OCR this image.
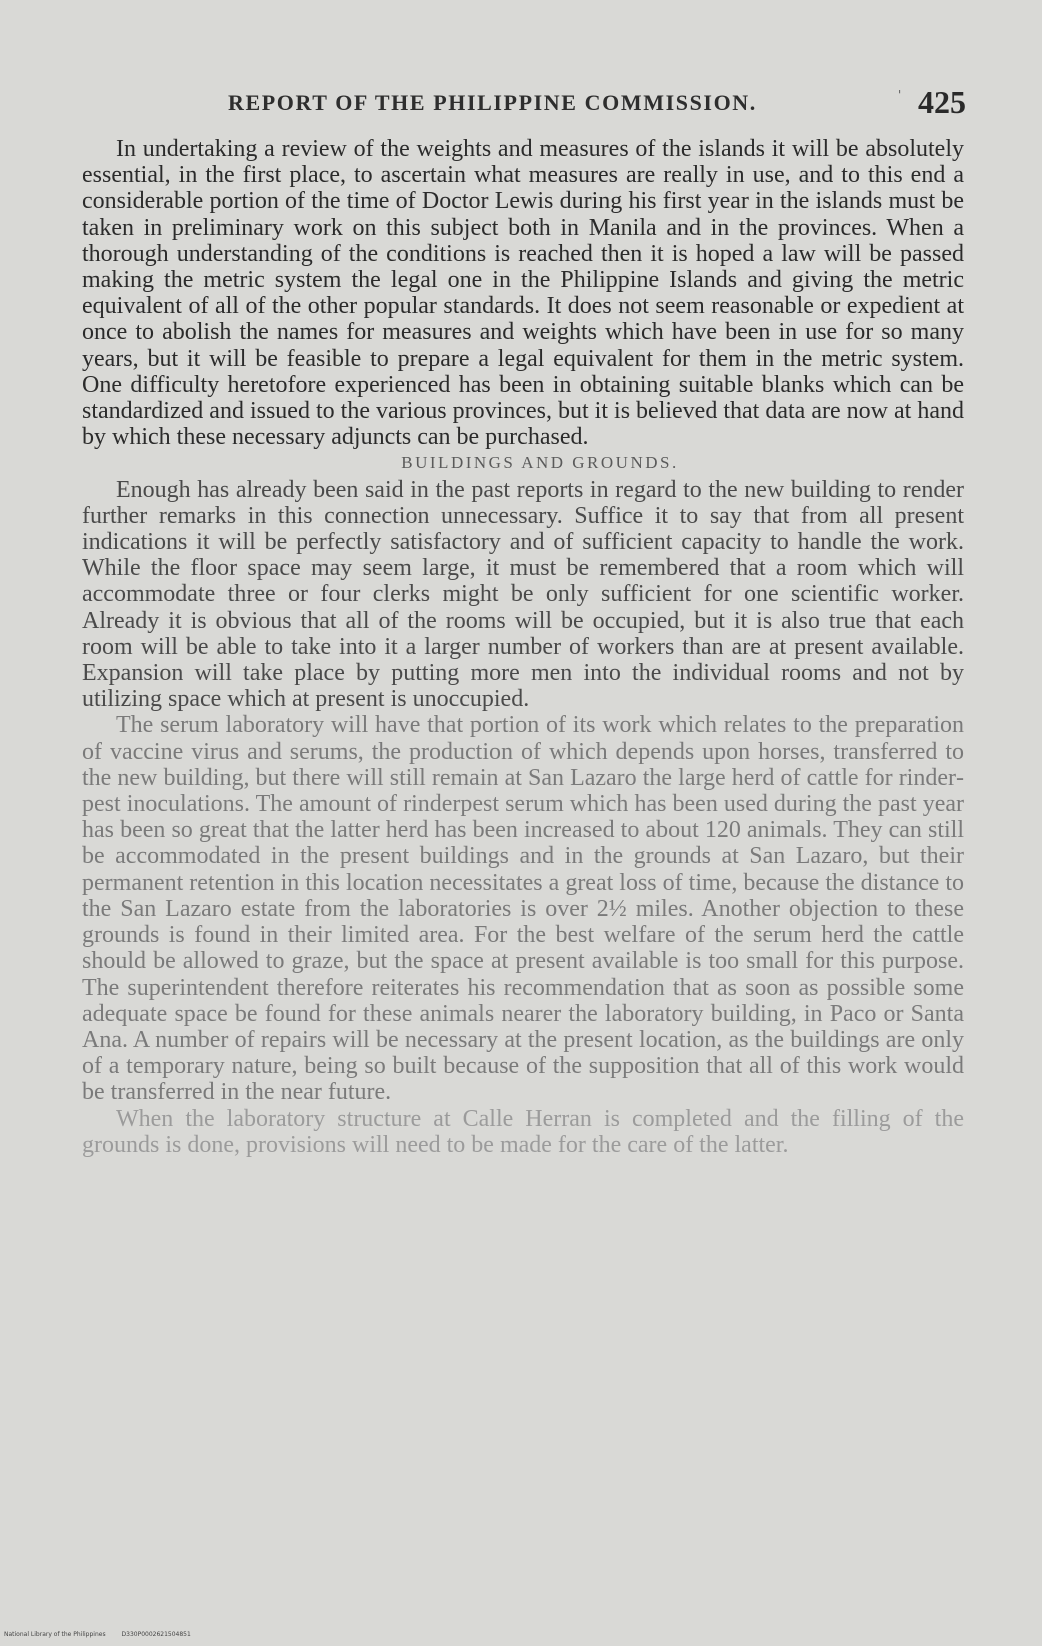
REPORT OF THE PHILIPPINE COMMISSION.	' 425

In undertaking a review of the weights and measures of the islands it will be absolutely essential, in the first place, to ascertain what measures are really in use, and to this end a considerable portion of the time of Doctor Lewis during his first year in the islands must be taken in preliminary work on this subject both in Manila and in the provinces. When a thorough understanding of the conditions is reached then it is hoped a law will be passed making the metric system the legal one in the Philippine Islands and giving the metric equivalent of all of the other popular standards. It does not seem reasonable or expedient at once to abolish the names for measures and weights which have been in use for so many years, but it will be feasible to prepare a legal equivalent for them in the metric system. One difficulty heretofore experienced has been in obtaining suitable blanks which can be standardized and issued to the various provinces, but it is believed that data are now at hand by which these necessary adjuncts can be purchased.

BUILDINGS AND GROUNDS.

Enough has already been said in the past reports in regard to the new building to render further remarks in this connection unnecessary. Suffice it to say that from all present indications it will be perfectly satisfactory and of sufficient capacity to handle the work. While the floor space may seem large, it must be remembered that a room which will accommodate three or four clerks might be only sufficient for one scientific worker. Already it is obvious that all of the rooms will be occupied, but it is also true that each room will be able to take into it a larger number of workers than are at present available. Expansion will take place by putting more men into the individual rooms and not by utilizing space which at present is unoccupied.

The serum laboratory will have that portion of its work which relates to the preparation of vaccine virus and serums, the production of which depends upon horses, transferred to the new building, but there will still remain at San Lazaro the large herd of cattle for rinderpest inoculations. The amount of rinderpest serum which has been used during the past year has been so great that the latter herd has been increased to about 120 animals. They can still be accommodated in the present buildings and in the grounds at San Lazaro, but their permanent retention in this location necessitates a great loss of time, because the distance to the San Lazaro estate from the laboratories is over 2½ miles. Another objection to these grounds is found in their limited area. For the best welfare of the serum herd the cattle should be allowed to graze, but the space at present available is too small for this purpose. The superintendent therefore reiterates his recommendation that as soon as possible some adequate space be found for these animals nearer the laboratory building, in Paco or Santa Ana. A number of repairs will be necessary at the present location, as the buildings are only of a temporary nature, being so built because of the supposition that all of this work would be transferred in the near future.

When the laboratory structure at Calle Herran is completed and the filling of the grounds is done, provisions will need to be made for the care of the latter.

National Library of the Philippines	D330P0002621504851
